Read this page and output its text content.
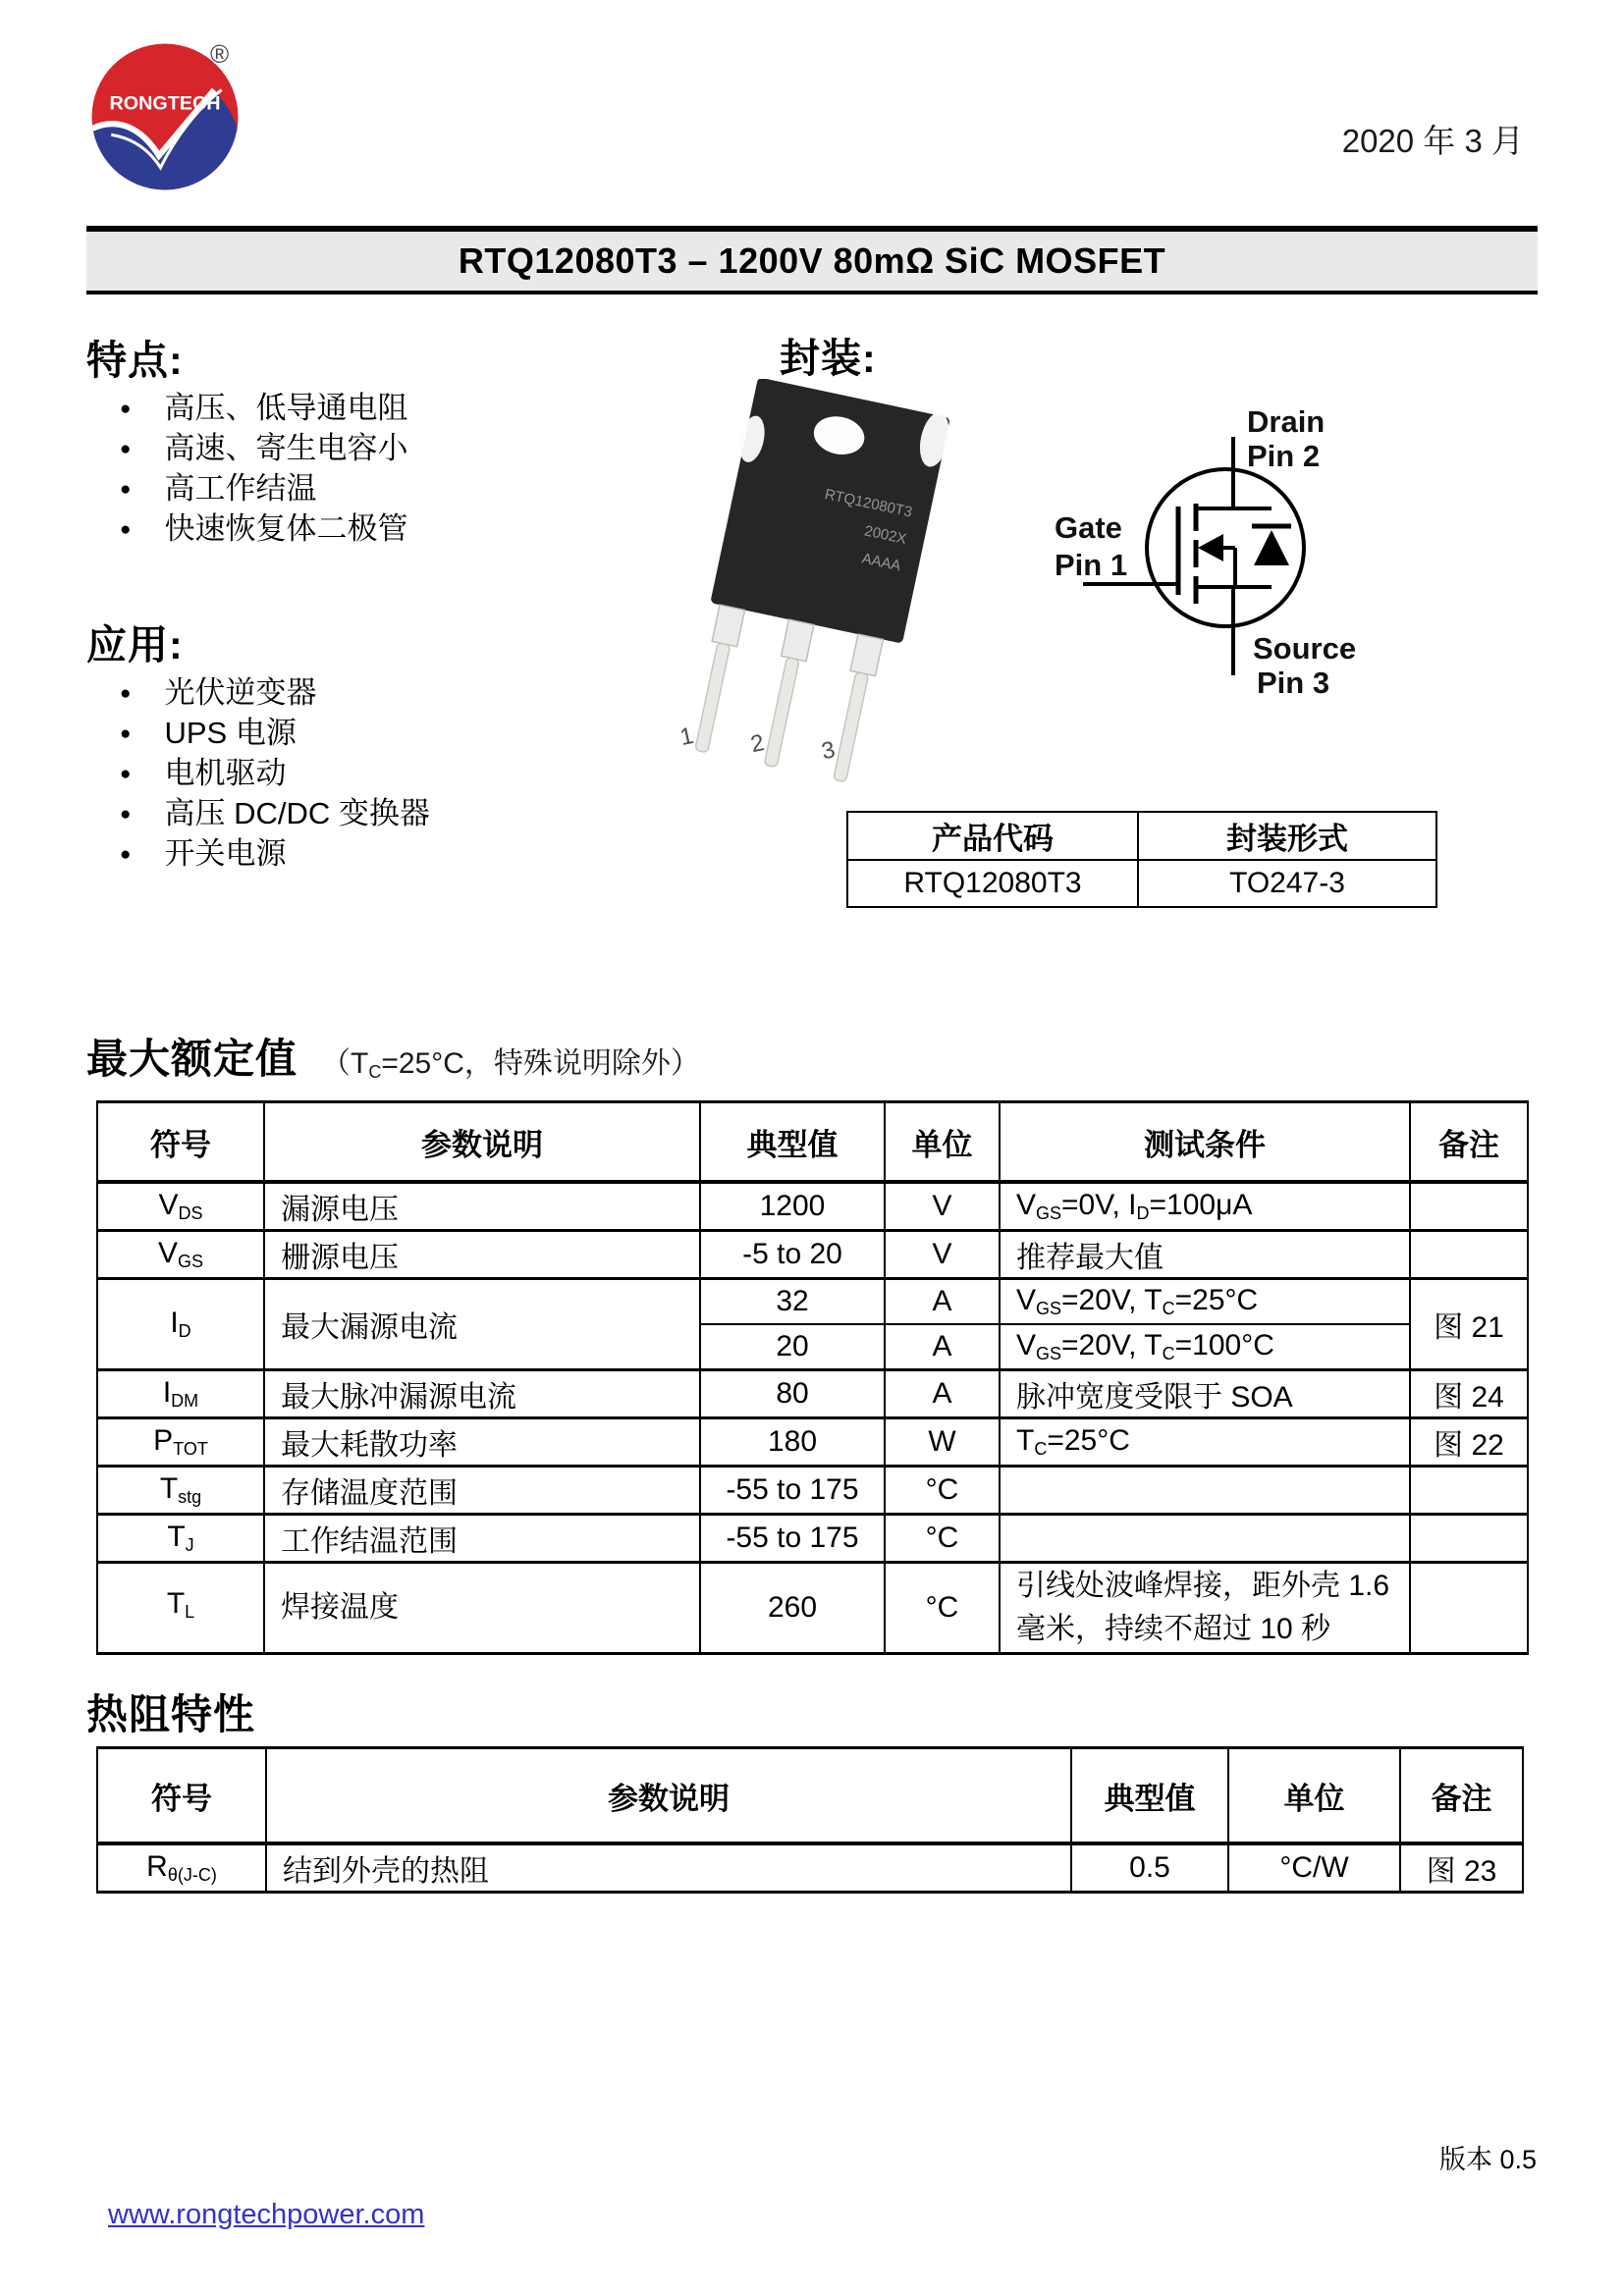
RONGTECH
®
2020 年 3 月
RTQ12080T3 – 1200V 80mΩ SiC MOSFET
特点:
● 高压、低导通电阻
● 高速、寄生电容小
● 高工作结温
● 快速恢复体二极管
应用:
● 光伏逆变器
● UPS 电源
● 电机驱动
● 高压 DC/DC 变换器
● 开关电源
封装:
RTQ12080T3
2002X
AAAA
1 2 3
Drain
Pin 2
Gate
Pin 1
Source
Pin 3
产品代码	封装形式
RTQ12080T3	TO247-3
最大额定值 （$T_C=25^\circ C$，特殊说明除外）
符号	参数说明	典型值	单位	测试条件	备注
$V_{DS}$	漏源电压	1200	V	$V_{GS}=0V$, $I_D=100\mu A$	
$V_{GS}$	栅源电压	-5 to 20	V	推荐最大值	
$I_D$	最大漏源电流	32	A	$V_{GS}=20V$, $T_C=25^\circ C$	图 21
		20	A	$V_{GS}=20V$, $T_C=100^\circ C$	
$I_{DM}$	最大脉冲漏源电流	80	A	脉冲宽度受限于 SOA	图 24
$P_{TOT}$	最大耗散功率	180	W	$T_C=25^\circ C$	图 22
$T_{stg}$	存储温度范围	-55 to 175	°C		
$T_J$	工作结温范围	-55 to 175	°C		
$T_L$	焊接温度	260	°C	引线处波峰焊接，距外壳 1.6 毫米，持续不超过 10 秒	
热阻特性
符号	参数说明	典型值	单位	备注
$R_{\theta(J-C)}$	结到外壳的热阻	0.5	°C/W	图 23
版本 0.5
www.rongtechpower.com
